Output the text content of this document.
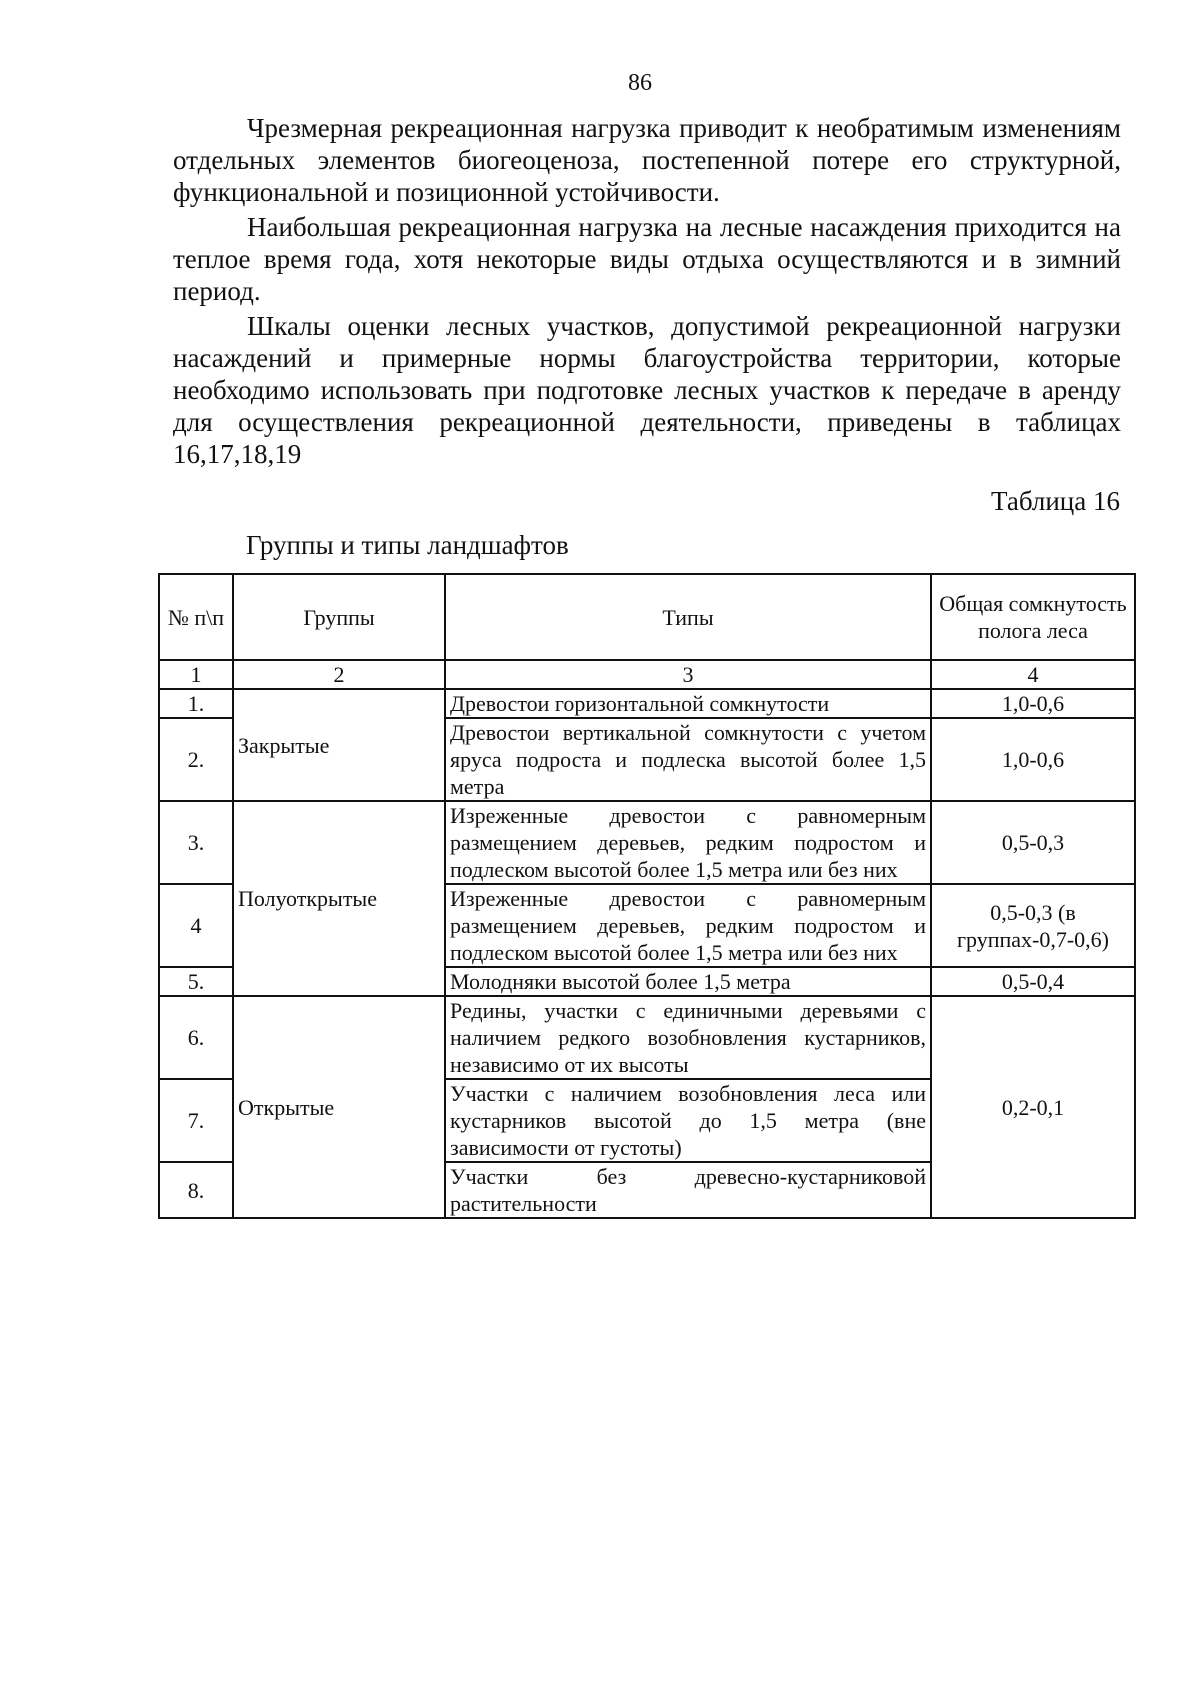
86

Чрезмерная рекреационная нагрузка приводит к необратимым изменениям отдельных элементов биогеоценоза, постепенной потере его структурной, функциональной и позиционной устойчивости.

Наибольшая рекреационная нагрузка на лесные насаждения приходится на теплое время года, хотя некоторые виды отдыха осуществляются и в зимний период.

Шкалы оценки лесных участков, допустимой рекреационной нагрузки насаждений и примерные нормы благоустройства территории, которые необходимо использовать при подготовке лесных участков к передаче в аренду для осуществления рекреационной деятельности, приведены в таблицах 16,17,18,19

Таблица 16
Группы и типы ландшафтов
№ п\п	Группы	Типы	Общая сомкнутость полога леса
1	2	3	4
1.	Закрытые	Древостои горизонтальной сомкнутости	1,0-0,6
2.		Древостои вертикальной сомкнутости с учетом яруса подроста и подлеска высотой более 1,5 метра	1,0-0,6
3.	Полуоткрытые	Изреженные древостои с равномерным размещением деревьев, редким подростом и подлеском высотой более 1,5 метра или без них	0,5-0,3
4		Изреженные древостои с равномерным размещением деревьев, редким подростом и подлеском высотой более 1,5 метра или без них	0,5-0,3 (в группах-0,7-0,6)
5.		Молодняки высотой более 1,5 метра	0,5-0,4
6.	Открытые	Редины, участки с единичными деревьями с наличием редкого возобновления кустарников, независимо от их высоты	0,2-0,1
7.		Участки с наличием возобновления леса или кустарников высотой до 1,5 метра (вне зависимости от густоты)	
8.		Участки без древесно-кустарниковой растительности	
